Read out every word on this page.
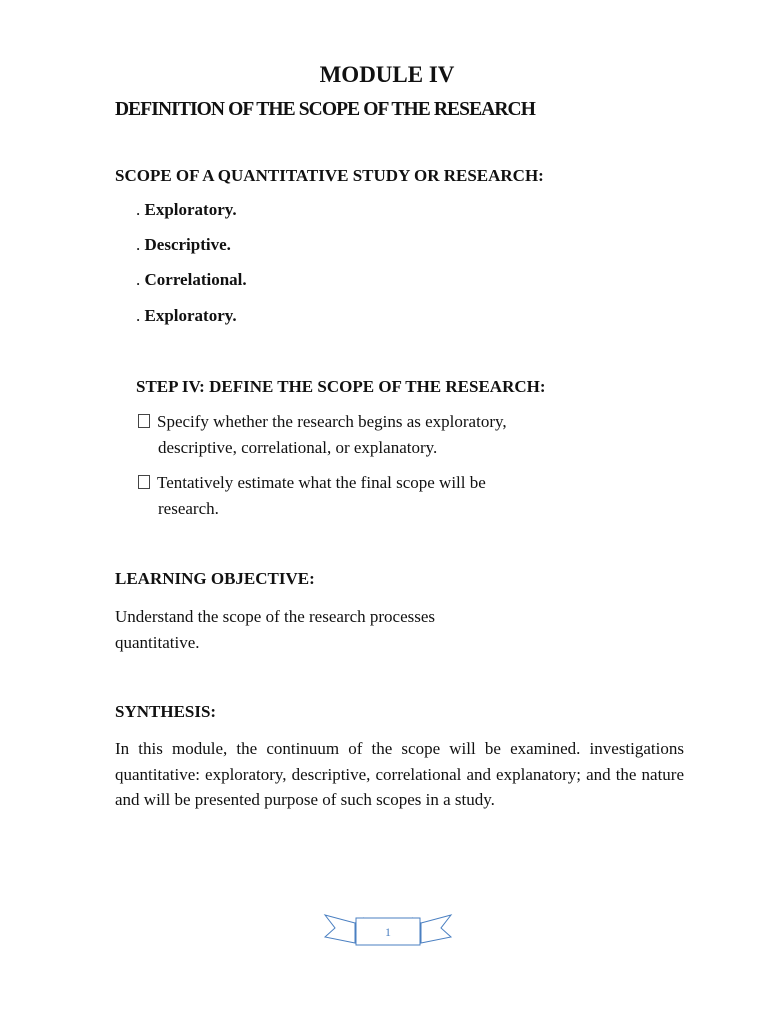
MODULE IV
DEFINITION OF THE SCOPE OF THE RESEARCH
SCOPE OF A QUANTITATIVE STUDY OR RESEARCH:
. Exploratory.
. Descriptive.
. Correlational.
. Exploratory.
STEP IV: DEFINE THE SCOPE OF THE RESEARCH:
Specify whether the research begins as exploratory,
descriptive, correlational, or explanatory.
Tentatively estimate what the final scope will be
research.
LEARNING OBJECTIVE:
Understand the scope of the research processes
quantitative.
SYNTHESIS:

In this module, the continuum of the scope will be examined. investigations quantitative: exploratory, descriptive, correlational and explanatory; and the nature and will be presented purpose of such scopes in a study.

1
